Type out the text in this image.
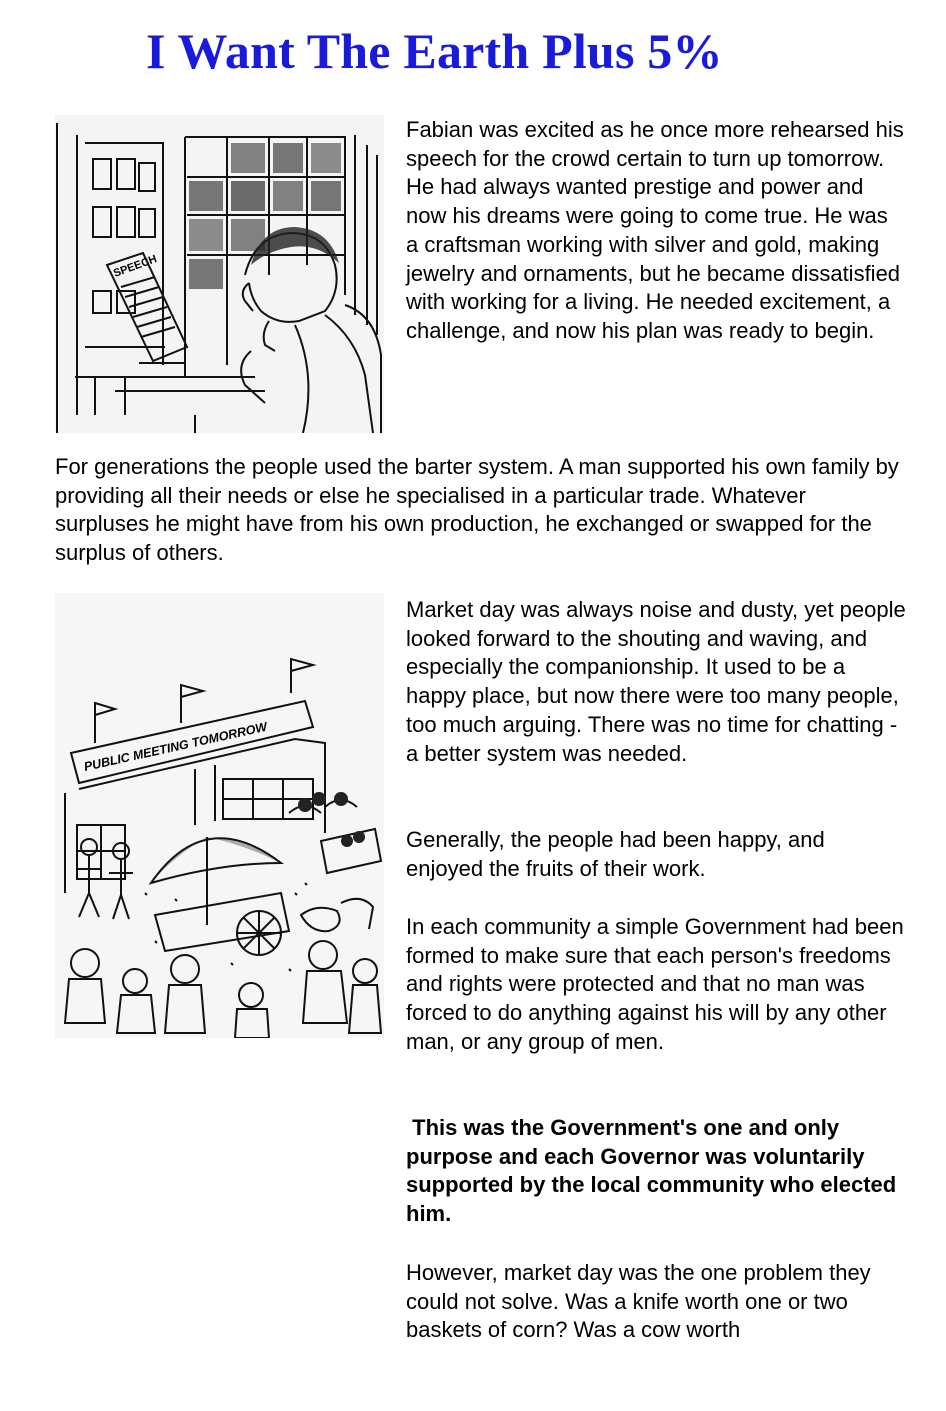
I Want The Earth Plus 5%
SPEECH

Fabian was excited as he once more rehearsed his speech for the crowd certain to turn up tomorrow. He had always wanted prestige and power and now his dreams were going to come true. He was a craftsman working with silver and gold, making jewelry and ornaments, but he became dissatisfied with working for a living. He needed excitement, a challenge, and now his plan was ready to begin.

For generations the people used the barter system. A man supported his own family by providing all their needs or else he specialised in a particular trade. Whatever surpluses he might have from his own production, he exchanged or swapped for the surplus of others.

PUBLIC MEETING TOMORROW

Market day was always noise and dusty, yet people looked forward to the shouting and waving, and especially the companionship. It used to be a happy place, but now there were too many people, too much arguing. There was no time for chatting - a better system was needed.

Generally, the people had been happy, and enjoyed the fruits of their work.

In each community a simple Government had been formed to make sure that each person's freedoms and rights were protected and that no man was forced to do anything against his will by any other man, or any group of men.

This was the Government's one and only purpose and each Governor was voluntarily supported by the local community who elected him.

However, market day was the one problem they could not solve. Was a knife worth one or two baskets of corn? Was a cow worth
